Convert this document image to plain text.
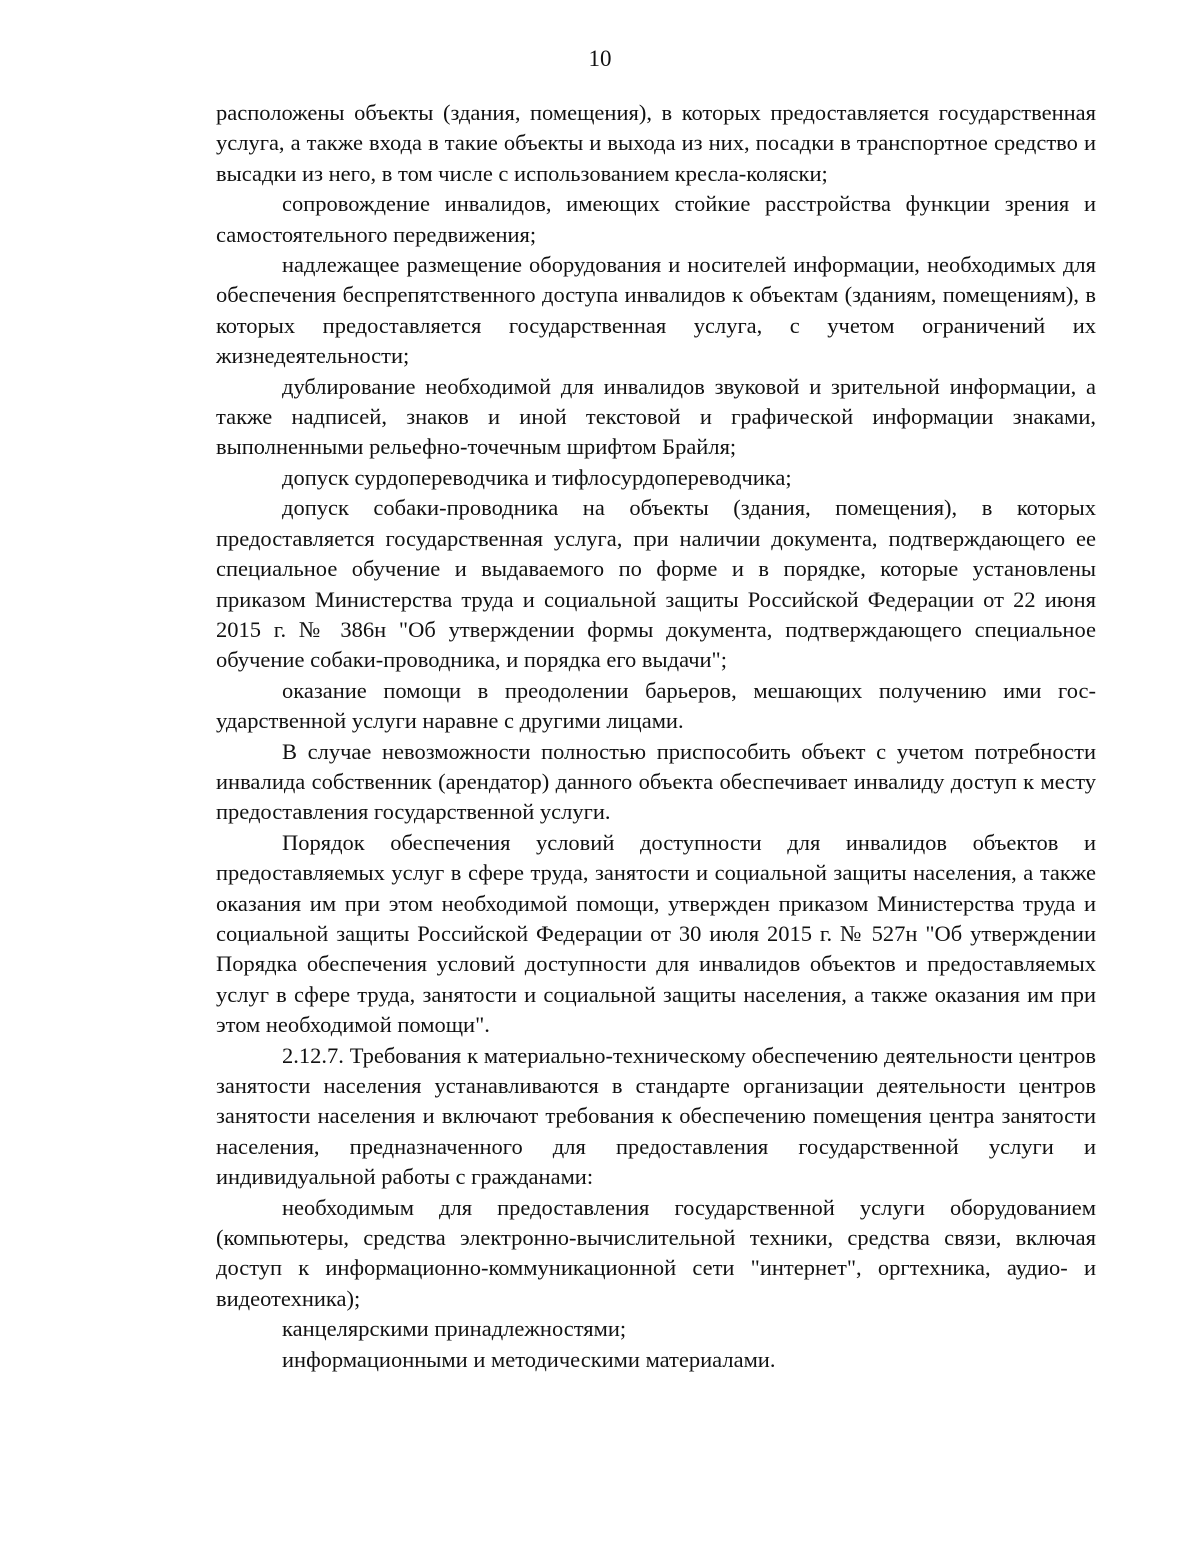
10

расположены объекты (здания, помещения), в которых предоставляется государственная услуга, а также входа в такие объекты и выхода из них, посадки в транспортное средство и высадки из него, в том числе с использованием кресла-коляски;

сопровождение инвалидов, имеющих стойкие расстройства функции зрения и самостоятельного передвижения;

надлежащее размещение оборудования и носителей информации, необходимых для обеспечения беспрепятственного доступа инвалидов к объектам (зданиям, помещениям), в которых предоставляется государственная услуга, с учетом ограничений их жизнедеятельности;

дублирование необходимой для инвалидов звуковой и зрительной информации, а также надписей, знаков и иной текстовой и графической информации знаками, выполненными рельефно-точечным шрифтом Брайля;

допуск сурдопереводчика и тифлосурдопереводчика;

допуск собаки-проводника на объекты (здания, помещения), в которых предоставляется государственная услуга, при наличии документа, подтверждающего ее специальное обучение и выдаваемого по форме и в порядке, которые установлены приказом Министерства труда и социальной защиты Российской Федерации от 22 июня 2015 г. № 386н "Об утверждении формы документа, подтверждающего специальное обучение собаки-проводника, и порядка его выдачи";

оказание помощи в преодолении барьеров, мешающих получению ими государственной услуги наравне с другими лицами.

В случае невозможности полностью приспособить объект с учетом потребности инвалида собственник (арендатор) данного объекта обеспечивает инвалиду доступ к месту предоставления государственной услуги.

Порядок обеспечения условий доступности для инвалидов объектов и предоставляемых услуг в сфере труда, занятости и социальной защиты населения, а также оказания им при этом необходимой помощи, утвержден приказом Министерства труда и социальной защиты Российской Федерации от 30 июля 2015 г. № 527н "Об утверждении Порядка обеспечения условий доступности для инвалидов объектов и предоставляемых услуг в сфере труда, занятости и социальной защиты населения, а также оказания им при этом необходимой помощи".

2.12.7. Требования к материально-техническому обеспечению деятельности центров занятости населения устанавливаются в стандарте организации деятельности центров занятости населения и включают требования к обеспечению помещения центра занятости населения, предназначенного для предоставления государственной услуги и индивидуальной работы с гражданами:

необходимым для предоставления государственной услуги оборудованием (компьютеры, средства электронно-вычислительной техники, средства связи, включая доступ к информационно-коммуникационной сети "интернет", оргтехника, аудио- и видеотехника);

канцелярскими принадлежностями;

информационными и методическими материалами.
